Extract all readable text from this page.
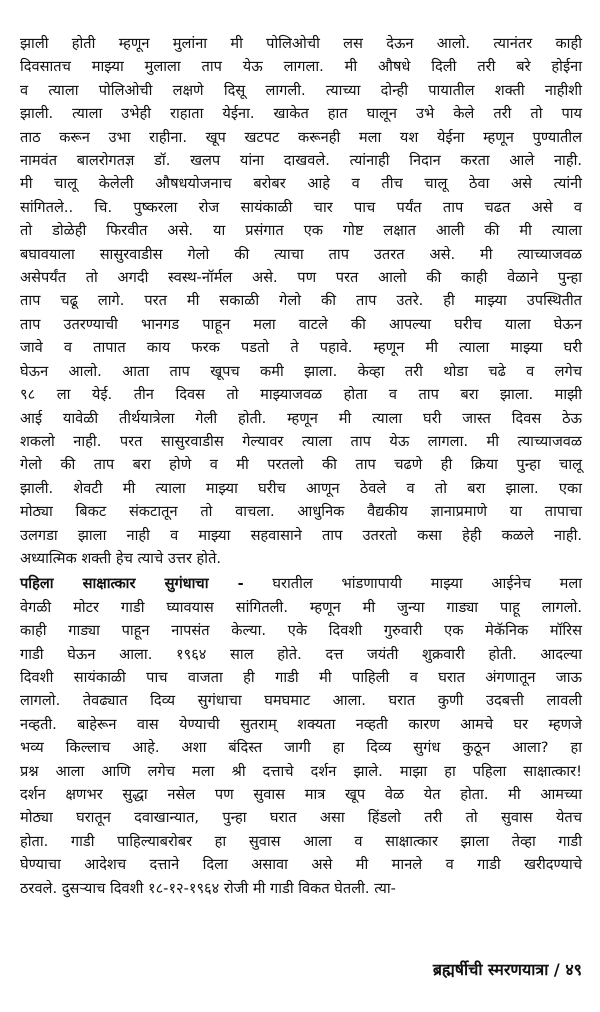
झाली होती म्हणून मुलांना मी पोलिओची लस देऊन आलो. त्यानंतर काही

दिवसातच माझ्या मुलाला ताप येऊ लागला. मी औषधे दिली तरी बरे होईना

व त्याला पोलिओची लक्षणे दिसू लागली. त्याच्या दोन्ही पायातील शक्ती नाहीशी

झाली. त्याला उभेही राहाता येईना. खाकेत हात घालून उभे केले तरी तो पाय

ताठ करून उभा राहीना. खूप खटपट करूनही मला यश येईना म्हणून पुण्यातील

नामवंत बालरोगतज्ञ डॉ. खलप यांना दाखवले. त्यांनाही निदान करता आले नाही.

मी चालू केलेली औषधयोजनाच बरोबर आहे व तीच चालू ठेवा असे त्यांनी

सांगितले.. चि. पुष्करला रोज सायंकाळी चार पाच पर्यंत ताप चढत असे व

तो डोळेही फिरवीत असे. या प्रसंगात एक गोष्ट लक्षात आली की मी त्याला

बघावयाला सासुरवाडीस गेलो की त्याचा ताप उतरत असे. मी त्याच्याजवळ

असेपर्यंत तो अगदी स्वस्थ-नॉर्मल असे. पण परत आलो की काही वेळाने पुन्हा

ताप चढू लागे. परत मी सकाळी गेलो की ताप उतरे. ही माझ्या उपस्थितीत

ताप उतरण्याची भानगड पाहून मला वाटले की आपल्या घरीच याला घेऊन

जावे व तापात काय फरक पडतो ते पहावे. म्हणून मी त्याला माझ्या घरी

घेऊन आलो. आता ताप खूपच कमी झाला. केव्हा तरी थोडा चढे व लगेच

९८ ला येई. तीन दिवस तो माझ्याजवळ होता व ताप बरा झाला. माझी

आई यावेळी तीर्थयात्रेला गेली होती. म्हणून मी त्याला घरी जास्त दिवस ठेऊ

शकलो नाही. परत सासुरवाडीस गेल्यावर त्याला ताप येऊ लागला. मी त्याच्याजवळ

गेलो की ताप बरा होणे व मी परतलो की ताप चढणे ही क्रिया पुन्हा चालू

झाली. शेवटी मी त्याला माझ्या घरीच आणून ठेवले व तो बरा झाला. एका

मोठ्या बिकट संकटातून तो वाचला. आधुनिक वैद्यकीय ज्ञानाप्रमाणे या तापाचा

उलगडा झाला नाही व माझ्या सहवासाने ताप उतरतो कसा हेही कळले नाही.

अध्यात्मिक शक्ती हेच त्याचे उत्तर होते.

पहिला साक्षात्कार सुगंधाचा - घरातील भांडणापायी माझ्या आईनेच मला

वेगळी मोटर गाडी घ्यावयास सांगितली. म्हणून मी जुन्या गाड्या पाहू लागलो.

काही गाड्या पाहून नापसंत केल्या. एके दिवशी गुरुवारी एक मेकॅनिक मॉरिस

गाडी घेऊन आला. १९६४ साल होते. दत्त जयंती शुक्रवारी होती. आदल्या

दिवशी सायंकाळी पाच वाजता ही गाडी मी पाहिली व घरात अंगणातून जाऊ

लागलो. तेवढ्यात दिव्य सुगंधाचा घमघमाट आला. घरात कुणी उदबत्ती लावली

नव्हती. बाहेरून वास येण्याची सुतराम् शक्यता नव्हती कारण आमचे घर म्हणजे

भव्य किल्लाच आहे. अशा बंदिस्त जागी हा दिव्य सुगंध कुठून आला? हा

प्रश्न आला आणि लगेच मला श्री दत्ताचे दर्शन झाले. माझा हा पहिला साक्षात्कार!

दर्शन क्षणभर सुद्धा नसेल पण सुवास मात्र खूप वेळ येत होता. मी आमच्या

मोठ्या घरातून दवाखान्यात, पुन्हा घरात असा हिंडलो तरी तो सुवास येतच

होता. गाडी पाहिल्याबरोबर हा सुवास आला व साक्षात्कार झाला तेव्हा गाडी

घेण्याचा आदेशच दत्ताने दिला असावा असे मी मानले व गाडी खरीदण्याचे

ठरवले. दुसऱ्याच दिवशी १८-१२-१९६४ रोजी मी गाडी विकत घेतली. त्या-

ब्रह्मर्षीची स्मरणयात्रा / ४९
